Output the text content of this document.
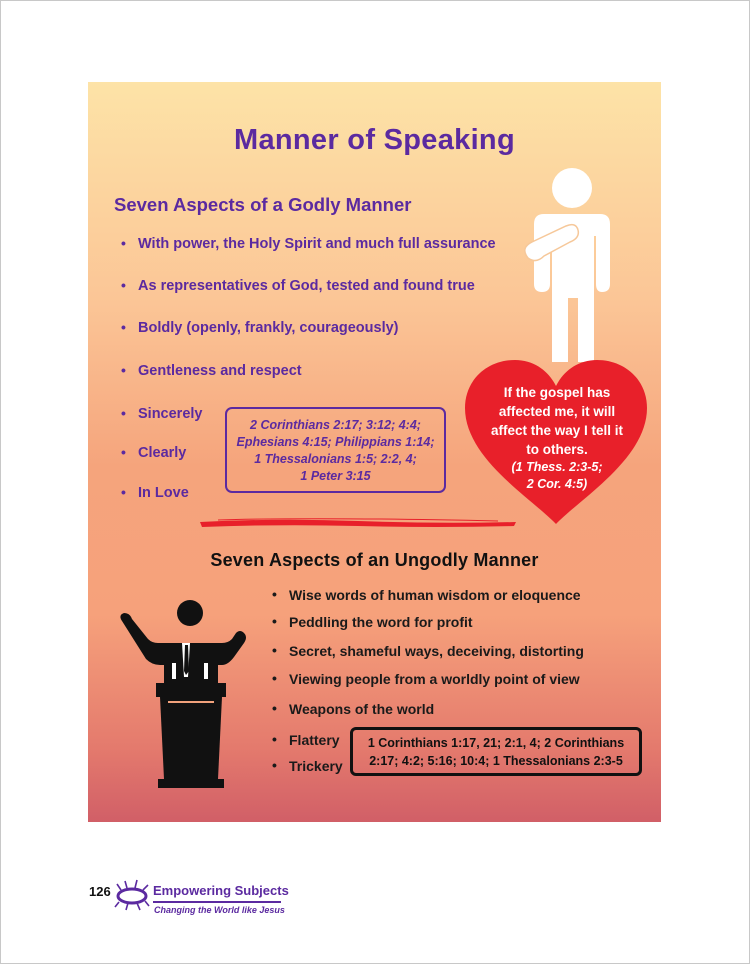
Manner of Speaking
Seven Aspects of a Godly Manner
• With power, the Holy Spirit and much full assurance
• As representatives of God, tested and found true
• Boldly (openly, frankly, courageously)
• Gentleness and respect
• Sincerely
• Clearly
• In Love
2 Corinthians 2:17; 3:12; 4:4;
Ephesians 4:15; Philippians 1:14;
1 Thessalonians 1:5; 2:2, 4;
1 Peter 3:15
If the gospel has
affected me, it will
affect the way I tell it
to others.
(1 Thess. 2:3-5;
2 Cor. 4:5)
Seven Aspects of an Ungodly Manner
• Wise words of human wisdom or eloquence
• Peddling the word for profit
• Secret, shameful ways, deceiving, distorting
• Viewing people from a worldly point of view
• Weapons of the world
• Flattery
• Trickery
1 Corinthians 1:17, 21; 2:1, 4; 2 Corinthians
2:17; 4:2; 5:16; 10:4; 1 Thessalonians 2:3-5
126	Empowering Subjects
Changing the World like Jesus
